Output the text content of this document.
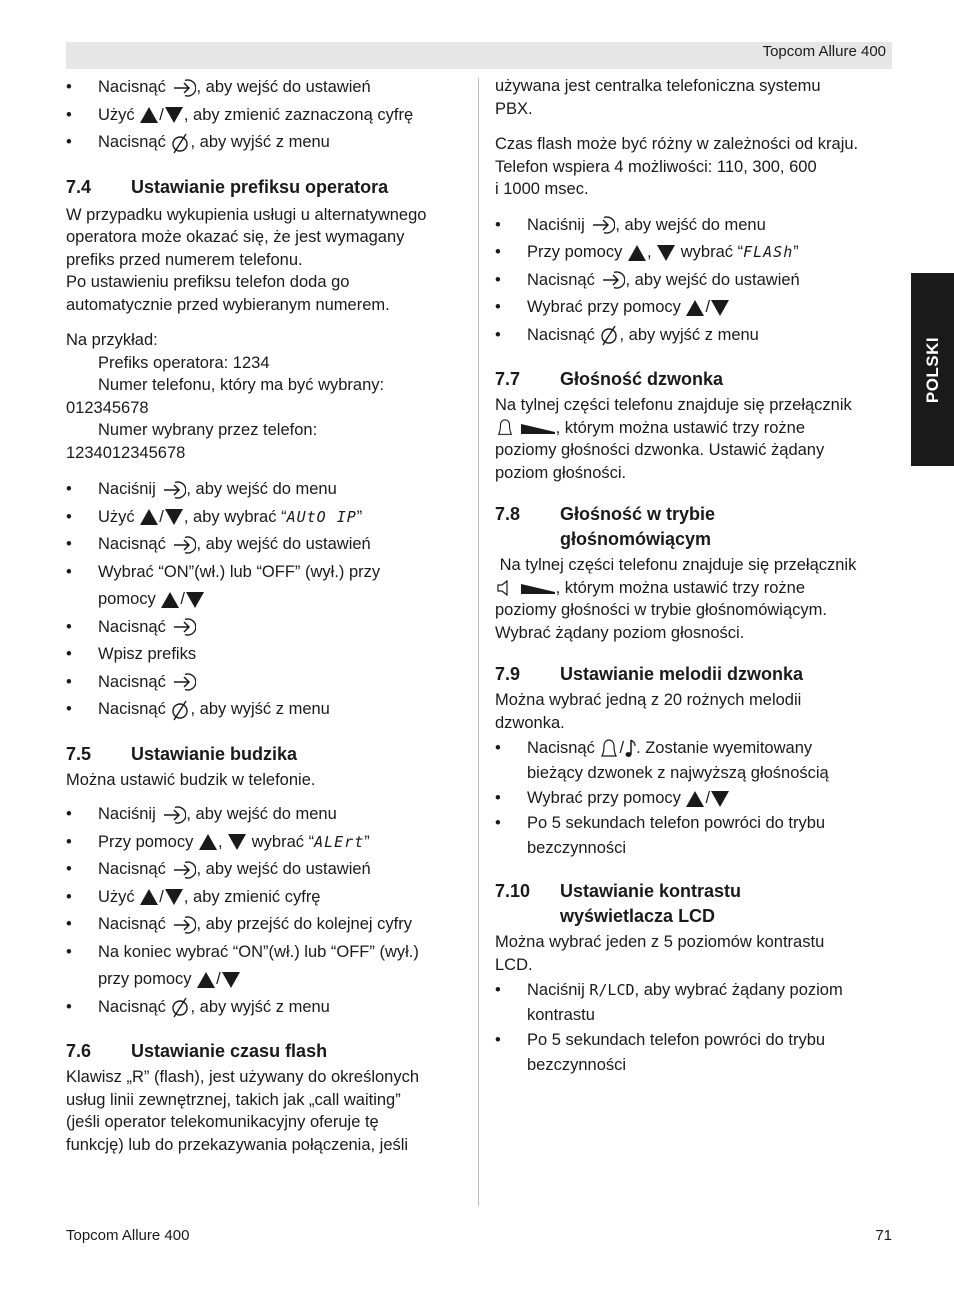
Topcom Allure 400
POLSKI
• Nacisnąć , aby wejść do ustawień
• Użyć / , aby zmienić zaznaczoną cyfrę
• Nacisnąć , aby wyjść z menu
7.4	Ustawianie prefiksu operatora

W przypadku wykupienia usługi u alternatywnego
operatora może okazać się, że jest wymagany
prefiks przed numerem telefonu.
Po ustawieniu prefiksu telefon doda go
automatycznie przed wybieranym numerem.

Na przykład:

Prefiks operatora: 1234
Numer telefonu, który ma być wybrany:

012345678

Numer wybrany przez telefon:

1234012345678

• Naciśnij , aby wejść do menu
• Użyć / , aby wybrać “AUtO IP”
• Nacisnąć , aby wejść do ustawień
• Wybrać “ON”(wł.) lub “OFF” (wył.) przy
pomocy /
• Nacisnąć
• Wpisz prefiks
• Nacisnąć
• Nacisnąć , aby wyjść z menu
7.5	Ustawianie budzika

Można ustawić budzik w telefonie.

• Naciśnij , aby wejść do menu
• Przy pomocy , wybrać “ALErt”
• Nacisnąć , aby wejść do ustawień
• Użyć / , aby zmienić cyfrę
• Nacisnąć , aby przejść do kolejnej cyfry
• Na koniec wybrać “ON”(wł.) lub “OFF” (wył.)
przy pomocy /
• Nacisnąć , aby wyjść z menu
7.6	Ustawianie czasu flash

Klawisz „R” (flash), jest używany do określonych
usług linii zewnętrznej, takich jak „call waiting”
(jeśli operator telekomunikacyjny oferuje tę
funkcję) lub do przekazywania połączenia, jeśli

używana jest centralka telefoniczna systemu
PBX.

Czas flash może być różny w zależności od kraju.
Telefon wspiera 4 możliwości: 110, 300, 600
i 1000 msec.

• Naciśnij , aby wejść do menu
• Przy pomocy , wybrać “FLASh”
• Nacisnąć , aby wejść do ustawień
• Wybrać przy pomocy /
• Nacisnąć , aby wyjść z menu
7.7	Głośność dzwonka

Na tylnej części telefonu znajduje się przełącznik
, którym można ustawić trzy rożne
poziomy głośności dzwonka. Ustawić żądany
poziom głośności.

7.8	Głośność w trybie
głośnomówiącym

Na tylnej części telefonu znajduje się przełącznik
, którym można ustawić trzy rożne
poziomy głośności w trybie głośnomówiącym.
Wybrać żądany poziom głosności.

7.9	Ustawianie melodii dzwonka

Można wybrać jedną z 20 rożnych melodii
dzwonka.

• Nacisnąć / . Zostanie wyemitowany
bieżący dzwonek z najwyższą głośnością
• Wybrać przy pomocy /
• Po 5 sekundach telefon powróci do trybu
bezczynności
7.10	Ustawianie kontrastu
wyświetlacza LCD

Można wybrać jeden z 5 poziomów kontrastu
LCD.

• Naciśnij R/LCD, aby wybrać żądany poziom
kontrastu
• Po 5 sekundach telefon powróci do trybu
bezczynności
Topcom Allure 400	71
